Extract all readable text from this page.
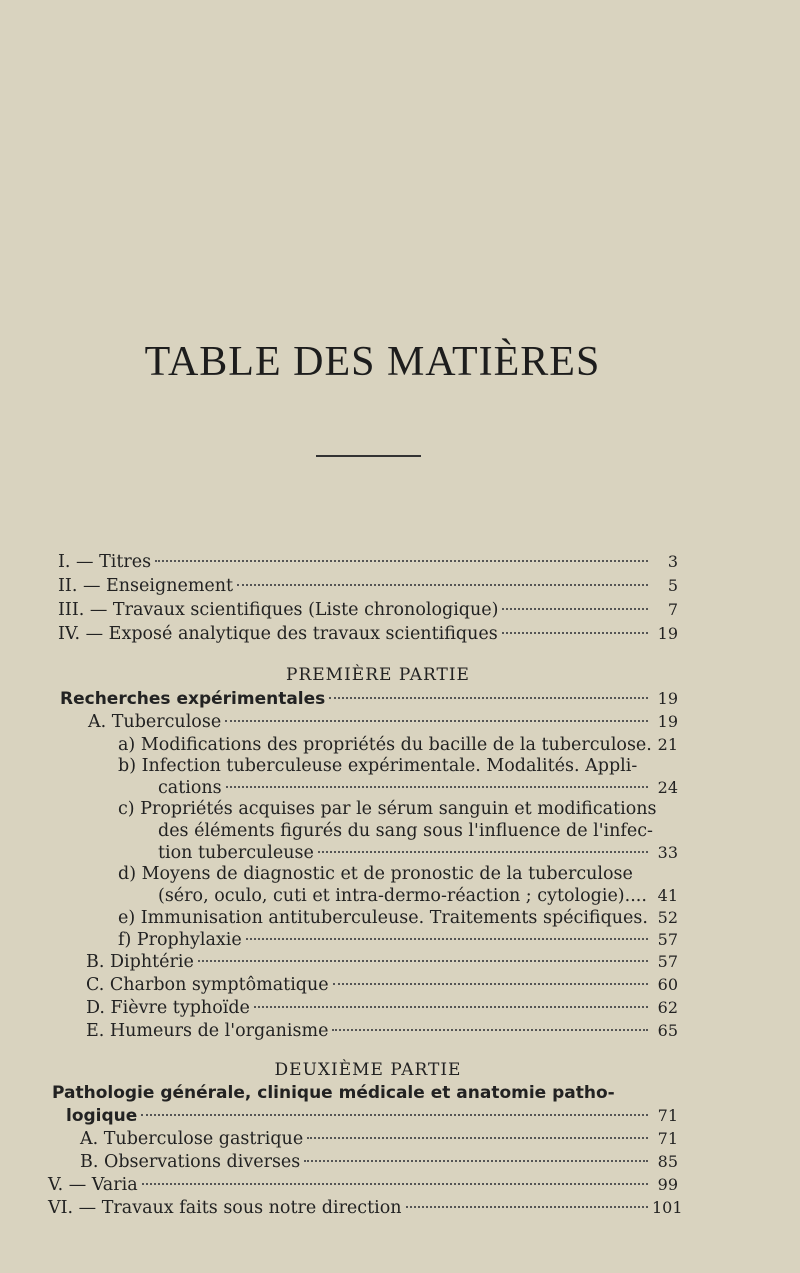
TABLE DES MATIÈRES
I. — Titres	3
II. — Enseignement	5
III. — Travaux scientifiques (Liste chronologique)	7
IV. — Exposé analytique des travaux scientifiques	19
PREMIÈRE PARTIE
Recherches expérimentales	19
A. Tuberculose	19
a) Modifications des propriétés du bacille de la tuberculose. 21
b) Infection tuberculeuse expérimentale. Modalités. Appli-
cations	24
c) Propriétés acquises par le sérum sanguin et modifications
des éléments figurés du sang sous l'influence de l'infec-
tion tuberculeuse	33
d) Moyens de diagnostic et de pronostic de la tuberculose
(séro, oculo, cuti et intra-dermo-réaction ; cytologie).... 41
e) Immunisation antituberculeuse. Traitements spécifiques. 52
f) Prophylaxie	57
B. Diphtérie	57
C. Charbon symptômatique	60
D. Fièvre typhoïde	62
E. Humeurs de l'organisme	65
DEUXIÈME PARTIE
Pathologie générale, clinique médicale et anatomie patho-
logique	71
A. Tuberculose gastrique	71
B. Observations diverses	85
V. — Varia	99
VI. — Travaux faits sous notre direction	101
